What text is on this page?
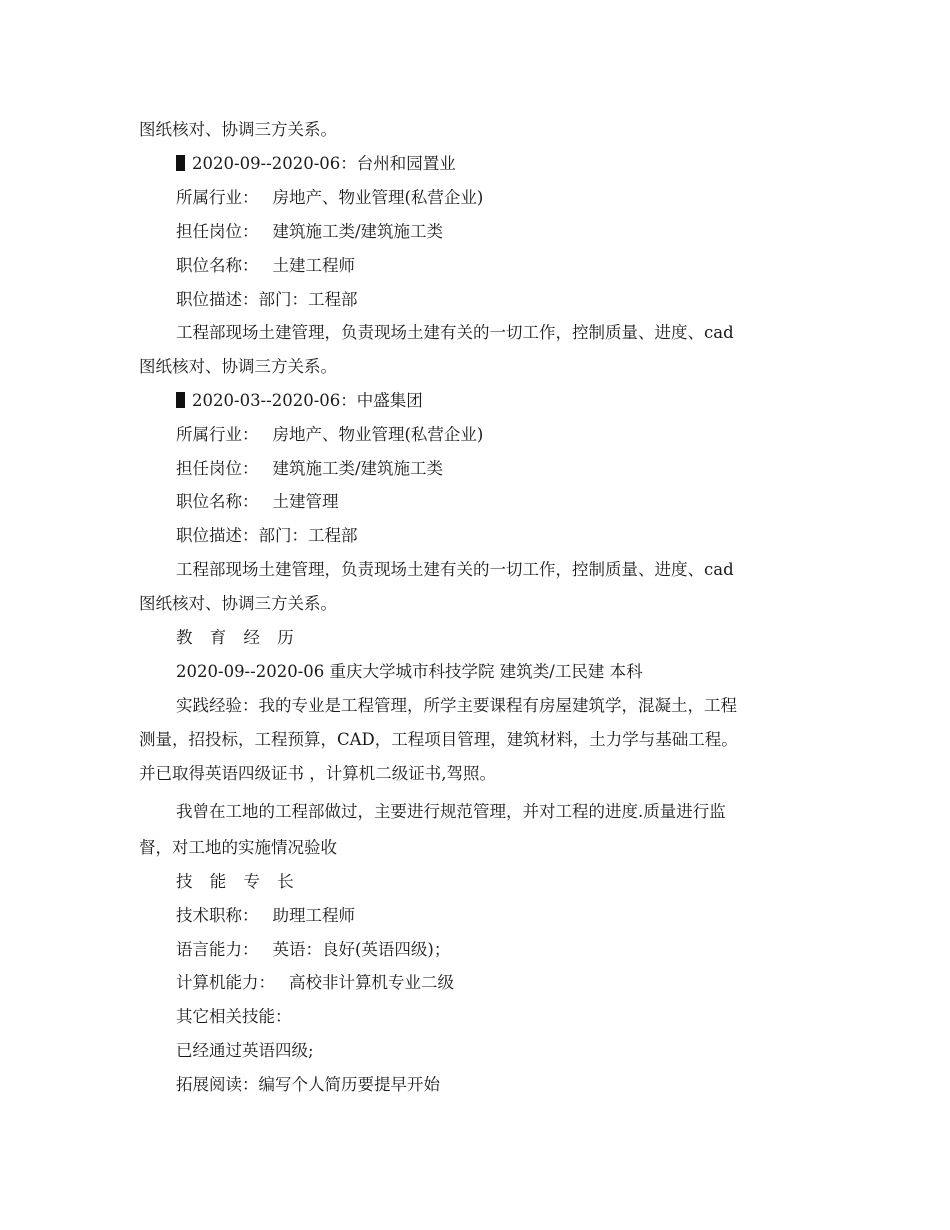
图纸核对、协调三方关系。
2020-09--2020-06：台州和园置业
所属行业： 房地产、物业管理(私营企业)
担任岗位： 建筑施工类/建筑施工类
职位名称： 土建工程师
职位描述：部门：工程部
工程部现场土建管理，负责现场土建有关的一切工作，控制质量、进度、cad
图纸核对、协调三方关系。
2020-03--2020-06：中盛集团
所属行业： 房地产、物业管理(私营企业)
担任岗位： 建筑施工类/建筑施工类
职位名称： 土建管理
职位描述：部门：工程部
工程部现场土建管理，负责现场土建有关的一切工作，控制质量、进度、cad
图纸核对、协调三方关系。
教 育 经 历
2020-09--2020-06 重庆大学城市科技学院 建筑类/工民建 本科
实践经验：我的专业是工程管理，所学主要课程有房屋建筑学，混凝土，工程
测量，招投标，工程预算，CAD，工程项目管理，建筑材料，土力学与基础工程。
并已取得英语四级证书 ，计算机二级证书,驾照。
我曾在工地的工程部做过，主要进行规范管理，并对工程的进度.质量进行监
督，对工地的实施情况验收
技 能 专 长
技术职称： 助理工程师
语言能力： 英语：良好(英语四级)；
计算机能力： 高校非计算机专业二级
其它相关技能：
已经通过英语四级;
拓展阅读：编写个人简历要提早开始
